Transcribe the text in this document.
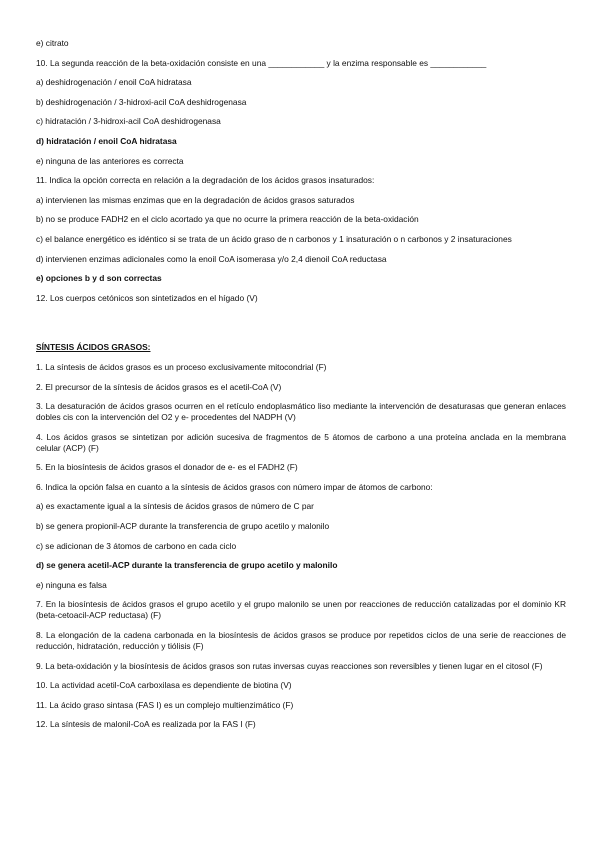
e) citrato

10. La segunda reacción de la beta-oxidación consiste en una ____________ y la enzima responsable es ____________

a) deshidrogenación / enoil CoA hidratasa

b) deshidrogenación / 3-hidroxi-acil CoA deshidrogenasa

c) hidratación / 3-hidroxi-acil CoA deshidrogenasa

d) hidratación / enoil CoA hidratasa

e) ninguna de las anteriores es correcta

11. Indica la opción correcta en relación a la degradación de los ácidos grasos insaturados:

a) intervienen las mismas enzimas que en la degradación de ácidos grasos saturados

b) no se produce FADH2 en el ciclo acortado ya que no ocurre la primera reacción de la beta-oxidación

c) el balance energético es idéntico si se trata de un ácido graso de n carbonos y 1 insaturación o n carbonos y 2 insaturaciones

d) intervienen enzimas adicionales como la enoil CoA isomerasa y/o 2,4 dienoil CoA reductasa

e) opciones b y d son correctas

12. Los cuerpos cetónicos son sintetizados en el hígado (V)

SÍNTESIS ÁCIDOS GRASOS:

1. La síntesis de ácidos grasos es un proceso exclusivamente mitocondrial (F)

2. El precursor de la síntesis de ácidos grasos es el acetil-CoA (V)

3. La desaturación de ácidos grasos ocurren en el retículo endoplasmático liso mediante la intervención de desaturasas que generan enlaces dobles cis con la intervención del O2 y e- procedentes del NADPH (V)

4. Los ácidos grasos se sintetizan por adición sucesiva de fragmentos de 5 átomos de carbono a una proteína anclada en la membrana celular (ACP) (F)

5. En la biosíntesis de ácidos grasos el donador de e- es el FADH2 (F)

6. Indica la opción falsa en cuanto a la síntesis de ácidos grasos con número impar de átomos de carbono:

a) es exactamente igual a la síntesis de ácidos grasos de número de C par

b) se genera propionil-ACP durante la transferencia de grupo acetilo y malonilo

c) se adicionan de 3 átomos de carbono en cada ciclo

d) se genera acetil-ACP durante la transferencia de grupo acetilo y malonilo

e) ninguna es falsa

7. En la biosíntesis de ácidos grasos el grupo acetilo y el grupo malonilo se unen por reacciones de reducción catalizadas por el dominio KR (beta-cetoacil-ACP reductasa) (F)

8. La elongación de la cadena carbonada en la biosíntesis de ácidos grasos se produce por repetidos ciclos de una serie de reacciones de reducción, hidratación, reducción y tiólisis (F)

9. La beta-oxidación y la biosíntesis de ácidos grasos son rutas inversas cuyas reacciones son reversibles y tienen lugar en el citosol (F)

10. La actividad acetil-CoA carboxilasa es dependiente de biotina (V)

11. La ácido graso sintasa (FAS I) es un complejo multienzimático (F)

12. La síntesis de malonil-CoA es realizada por la FAS I (F)
